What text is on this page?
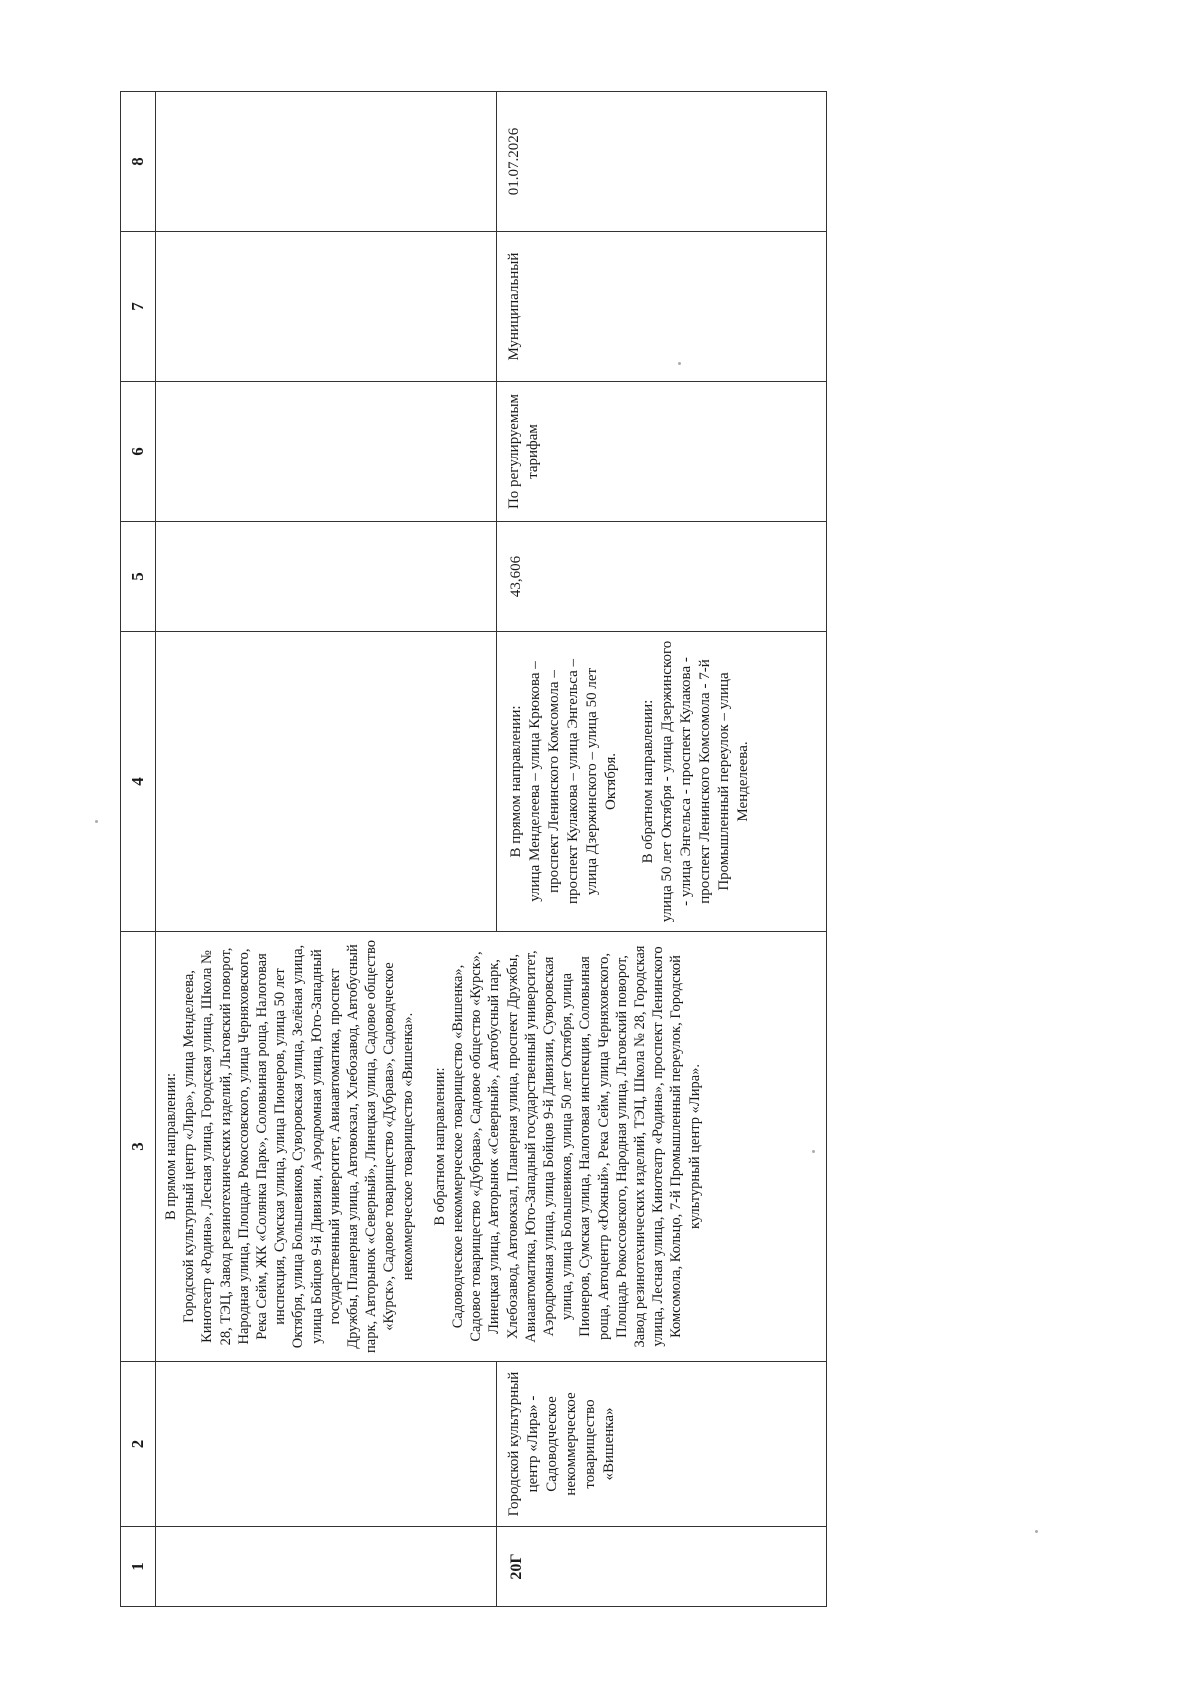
1	2	3	4	5	6	7	8

		В прямом направлении: Городской культурный центр «Лира», улица Менделеева, Кинотеатр «Родина», Лесная улица, Городская улица, Школа № 28, ТЭЦ, Завод резинотехнических изделий, Льговский поворот, Народная улица, Площадь Рокоссовского, улица Черняховского, Река Сейм, ЖК «Солянка Парк», Соловьиная роща, Налоговая инспекция, Сумская улица, улица Пионеров, улица 50 лет Октября, улица Большевиков, Суворовская улица, Зелёная улица, улица Бойцов 9-й Дивизии, Аэродромная улица, Юго-Западный государственный университет, Авиаавтоматика, проспект Дружбы, Планерная улица, Автовокзал, Хлебозавод, Автобусный парк, Авторынок «Северный», Линецкая улица, Садовое общество «Курск», Садовое товарищество «Дубрава», Садоводческое некоммерческое товарищество «Вишенка». В обратном направлении: Садоводческое некоммерческое товарищество «Вишенка», Садовое товарищество «Дубрава», Садовое общество «Курск», Линецкая улица, Авторынок «Северный», Автобусный парк, Хлебозавод, Автовокзал, Планерная улица, проспект Дружбы, Авиаавтоматика, Юго-Западный государственный университет, Аэродромная улица, улица Бойцов 9-й Дивизии, Суворовская улица, улица Большевиков, улица 50 лет Октября, улица Пионеров, Сумская улица, Налоговая инспекция, Соловьиная роща, Автоцентр «Южный», Река Сейм, улица Черняховского, Площадь Рокоссовского, Народная улица, Льговский поворот, Завод резинотехнических изделий, ТЭЦ, Школа № 28, Городская улица, Лесная улица, Кинотеатр «Родина», проспект Ленинского Комсомола, Кольцо, 7-й Промышленный переулок, Городской культурный центр «Лира».					

20Г	Городской культурный центр «Лира» - Садоводческое некоммерческое товарищество «Вишенка»		В прямом направлении: улица Менделеева – улица Крюкова – проспект Ленинского Комсомола – проспект Кулакова – улица Энгельса – улица Дзержинского – улица 50 лет Октября. В обратном направлении: улица 50 лет Октября - улица Дзержинского - улица Энгельса - проспект Кулакова - проспект Ленинского Комсомола - 7-й Промышленный переулок – улица Менделеева.	43,606	По регулируемым тарифам	Муниципальный	01.07.2026
